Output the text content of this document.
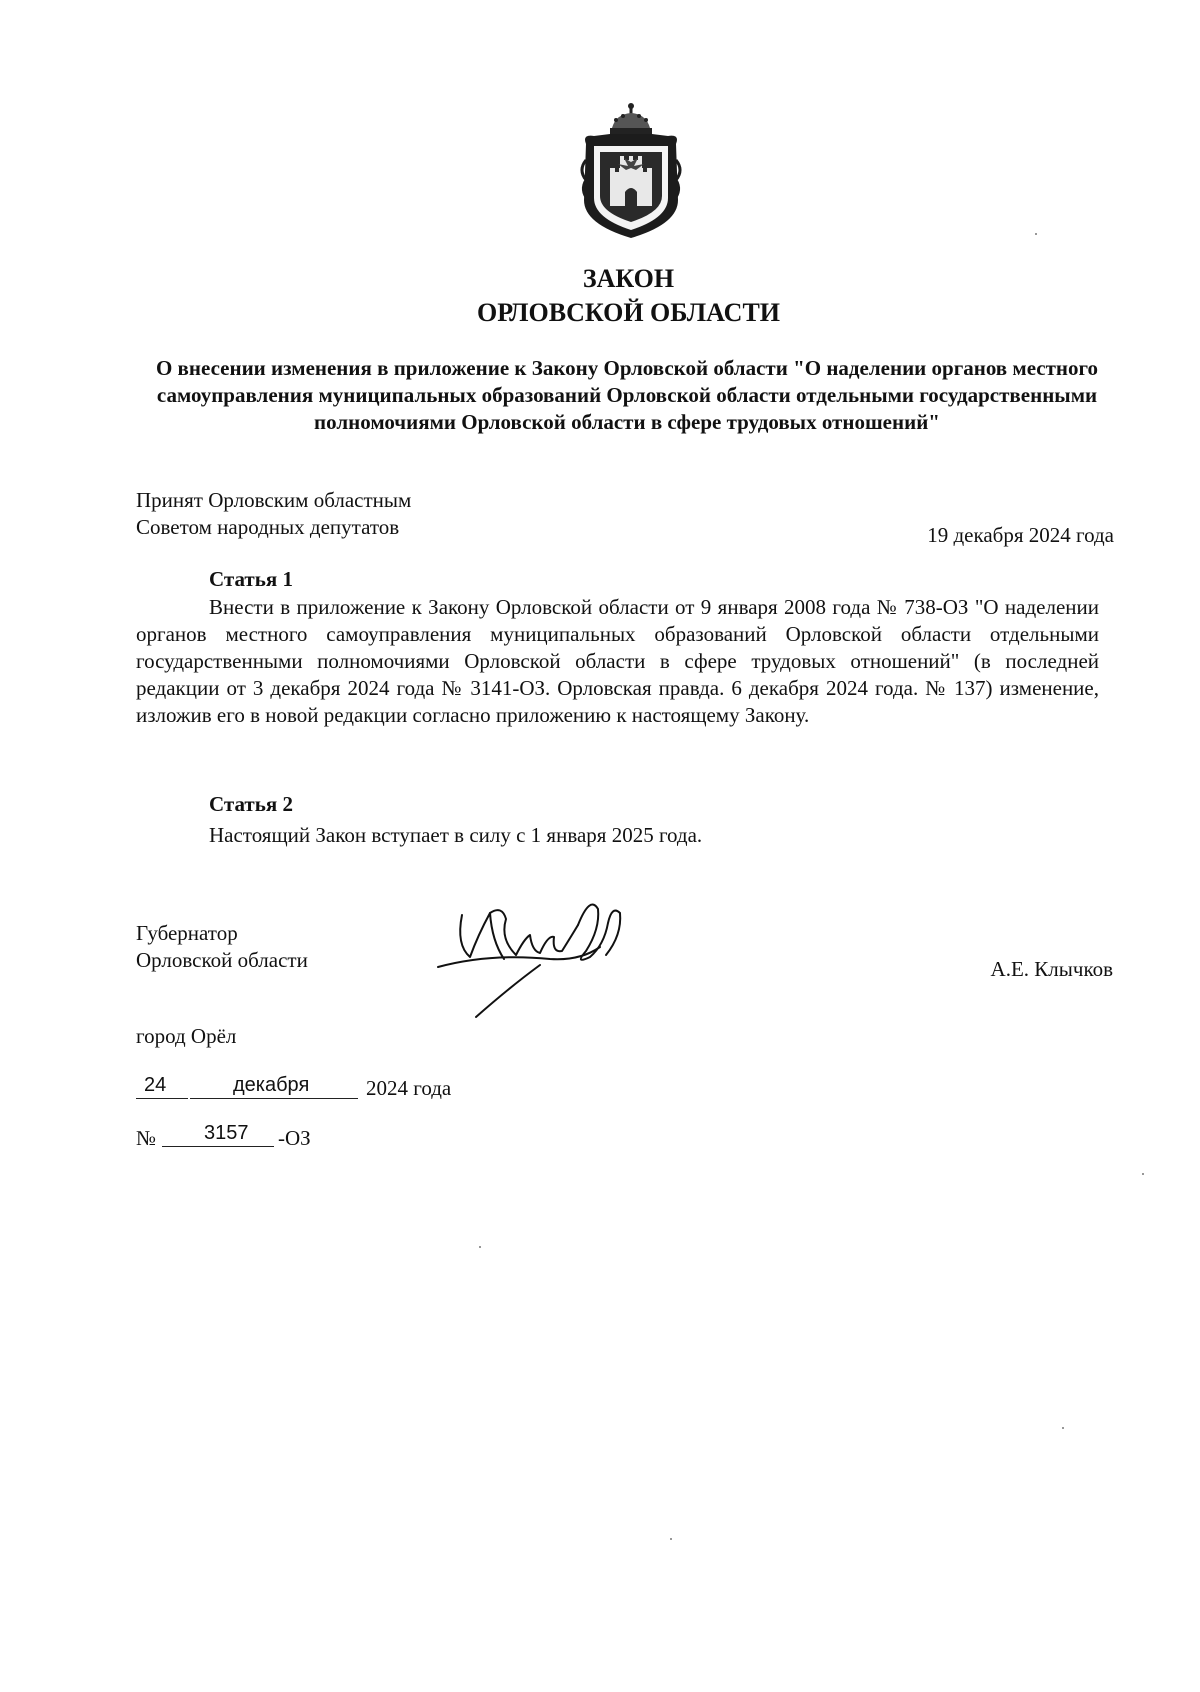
ЗАКОН
ОРЛОВСКОЙ ОБЛАСТИ
О внесении изменения в приложение к Закону Орловской области "О наделении органов местного самоуправления муниципальных образований Орловской области отдельными государственными полномочиями Орловской области в сфере трудовых отношений"
Принят Орловским областным
Советом народных депутатов	19 декабря 2024 года
Статья 1

Внести в приложение к Закону Орловской области от 9 января 2008 года № 738-ОЗ "О наделении органов местного самоуправления муниципальных образований Орловской области отдельными государственными полномочиями Орловской области в сфере трудовых отношений" (в последней редакции от 3 декабря 2024 года № 3141-ОЗ. Орловская правда. 6 декабря 2024 года. № 137) изменение, изложив его в новой редакции согласно приложению к настоящему Закону.

Статья 2
Настоящий Закон вступает в силу с 1 января 2025 года.
Губернатор
Орловской области	А.Е. Клычков
город Орёл
24	декабря	2024 года
№ 3157 -ОЗ
